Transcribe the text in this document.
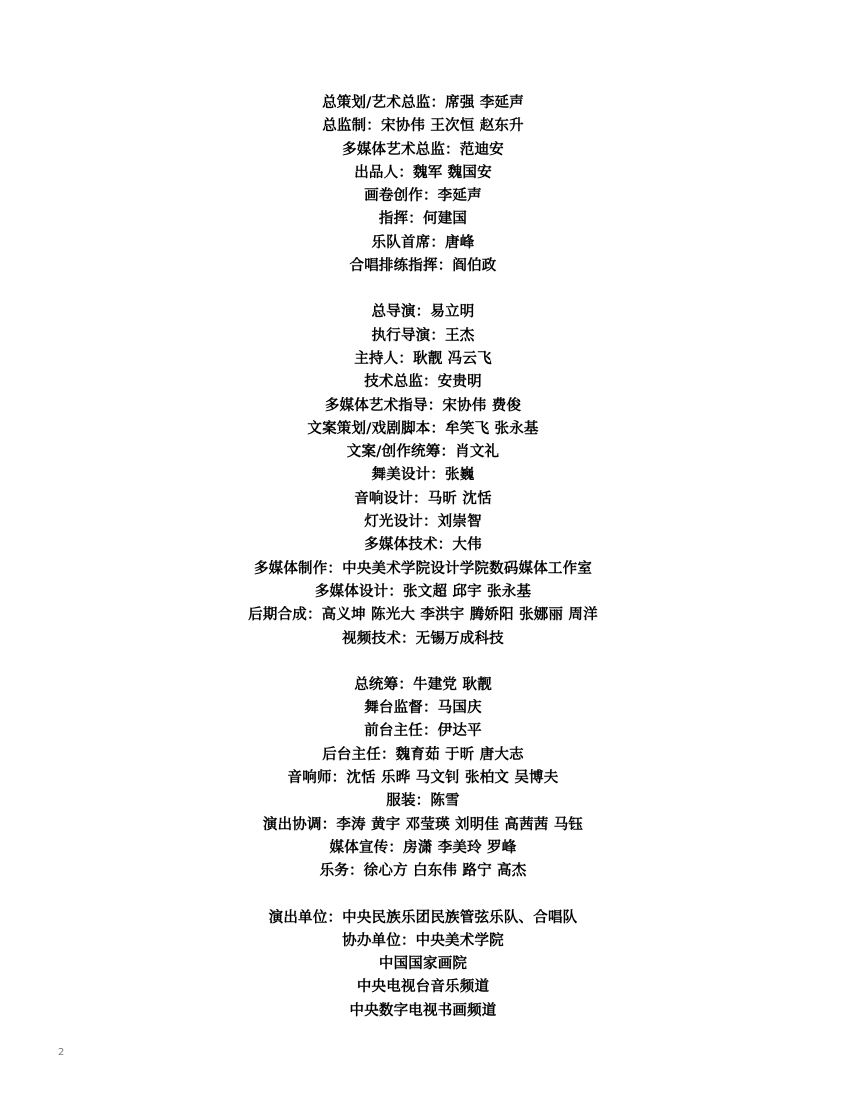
总策划/艺术总监：席强 李延声
总监制：宋协伟 王次恒 赵东升
多媒体艺术总监：范迪安
出品人：魏军 魏国安
画卷创作：李延声
指挥：何建国
乐队首席：唐峰
合唱排练指挥：阎伯政
总导演：易立明
执行导演：王杰
主持人：耿靓 冯云飞
技术总监：安贵明
多媒体艺术指导：宋协伟 费俊
文案策划/戏剧脚本：牟笑飞 张永基
文案/创作统筹：肖文礼
舞美设计：张巍
音响设计：马昕 沈恬
灯光设计：刘崇智
多媒体技术：大伟
多媒体制作：中央美术学院设计学院数码媒体工作室
多媒体设计：张文超 邱宇 张永基
后期合成：高义坤 陈光大 李洪宇 腾娇阳 张娜丽 周洋
视频技术：无锡万成科技
总统筹：牛建党 耿靓
舞台监督：马国庆
前台主任：伊达平
后台主任：魏育茹 于昕 唐大志
音响师：沈恬 乐晔 马文钊 张柏文 吴博夫
服装：陈雪
演出协调：李涛 黄宇 邓莹瑛 刘明佳 高茜茜 马钰
媒体宣传：房潇 李美玲 罗峰
乐务：徐心方 白东伟 路宁 高杰
演出单位：中央民族乐团民族管弦乐队、合唱队
协办单位：中央美术学院
中国国家画院
中央电视台音乐频道
中央数字电视书画频道
2
